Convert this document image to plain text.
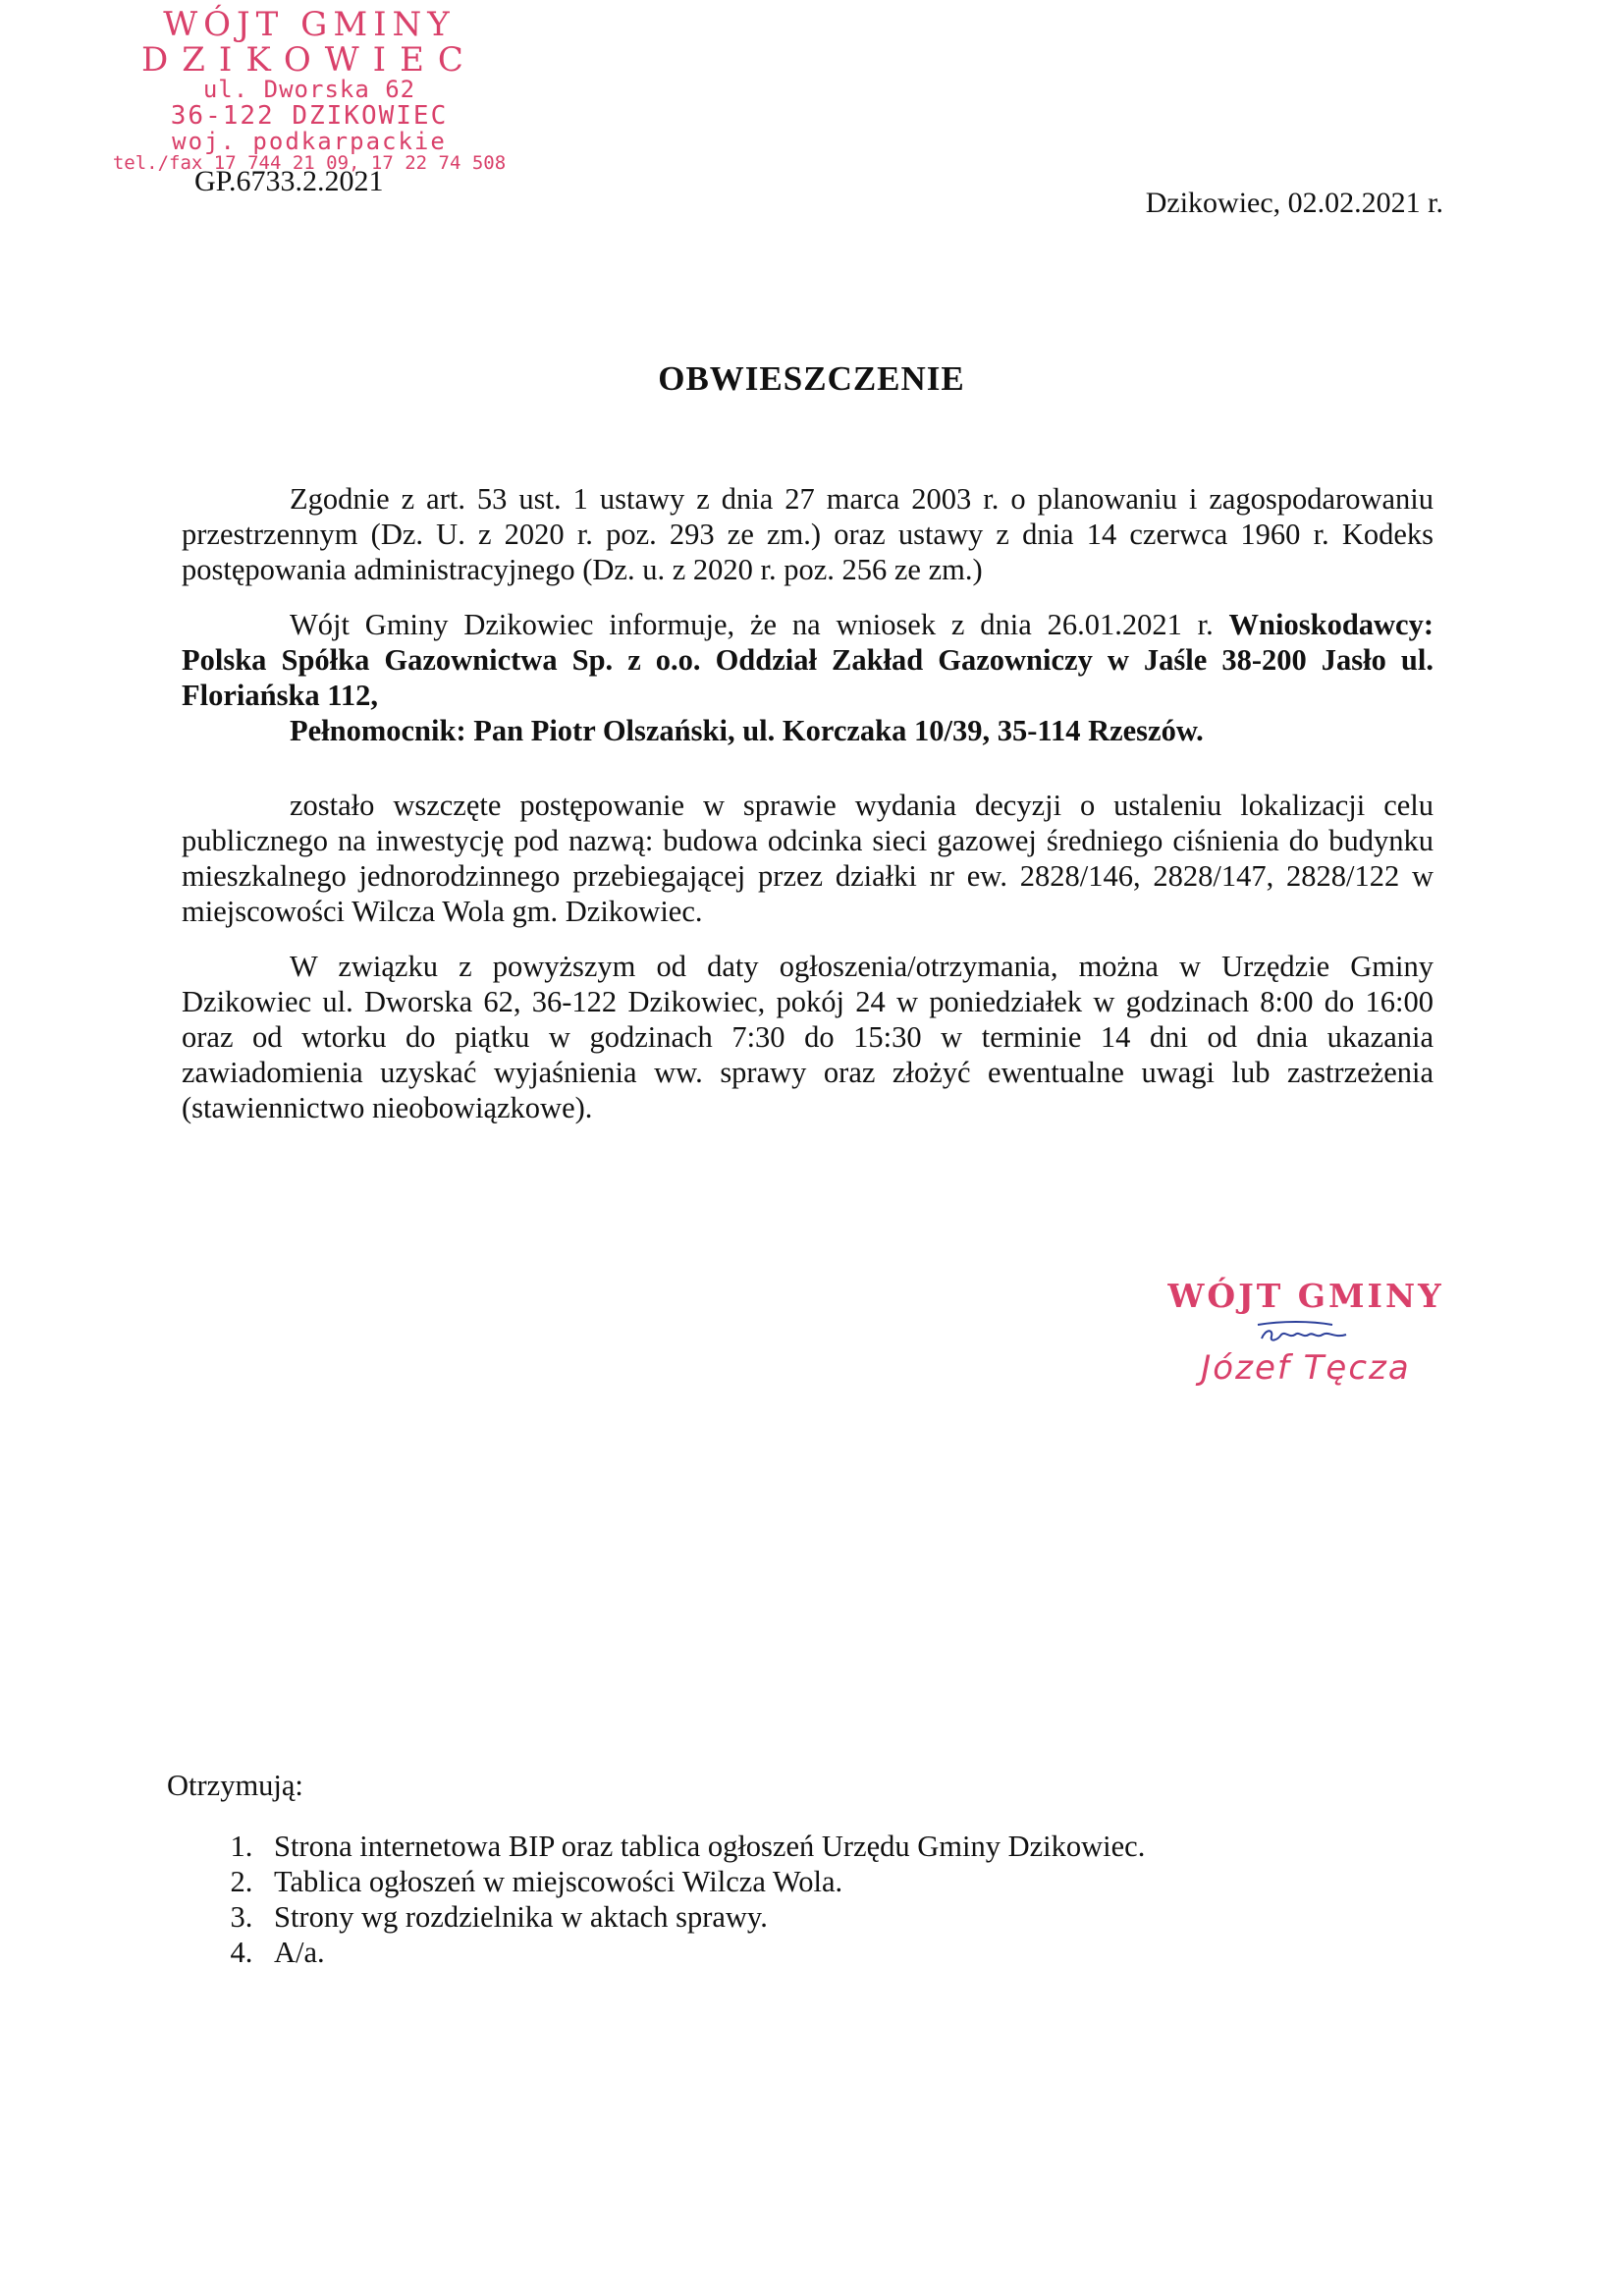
WÓJT GMINY
DZIKOWIEC
ul. Dworska 62
36-122 DZIKOWIEC
woj. podkarpackie
tel./fax 17 744 21 09, 17 22 74 508
GP.6733.2.2021
Dzikowiec, 02.02.2021 r.
OBWIESZCZENIE

Zgodnie z art. 53 ust. 1 ustawy z dnia 27 marca 2003 r. o planowaniu i zagospodarowaniu przestrzennym (Dz. U. z 2020 r. poz. 293 ze zm.) oraz ustawy z dnia 14 czerwca 1960 r. Kodeks postępowania administracyjnego (Dz. u. z 2020 r. poz. 256 ze zm.)

Wójt Gminy Dzikowiec informuje, że na wniosek z dnia 26.01.2021 r. Wnioskodawcy: Polska Spółka Gazownictwa Sp. z o.o. Oddział Zakład Gazowniczy w Jaśle 38-200 Jasło ul. Floriańska 112,
Pełnomocnik: Pan Piotr Olszański, ul. Korczaka 10/39, 35-114 Rzeszów.

zostało wszczęte postępowanie w sprawie wydania decyzji o ustaleniu lokalizacji celu publicznego na inwestycję pod nazwą: budowa odcinka sieci gazowej średniego ciśnienia do budynku mieszkalnego jednorodzinnego przebiegającej przez działki nr ew. 2828/146, 2828/147, 2828/122 w miejscowości Wilcza Wola gm. Dzikowiec.

W związku z powyższym od daty ogłoszenia/otrzymania, można w Urzędzie Gminy Dzikowiec ul. Dworska 62, 36-122 Dzikowiec, pokój 24 w poniedziałek w godzinach 8:00 do 16:00 oraz od wtorku do piątku w godzinach 7:30 do 15:30 w terminie 14 dni od dnia ukazania zawiadomienia uzyskać wyjaśnienia ww. sprawy oraz złożyć ewentualne uwagi lub zastrzeżenia (stawiennictwo nieobowiązkowe).

WÓJT GMINY
Józef Tęcza
Otrzymują:
1. Strona internetowa BIP oraz tablica ogłoszeń Urzędu Gminy Dzikowiec.
2. Tablica ogłoszeń w miejscowości Wilcza Wola.
3. Strony wg rozdzielnika w aktach sprawy.
4. A/a.
